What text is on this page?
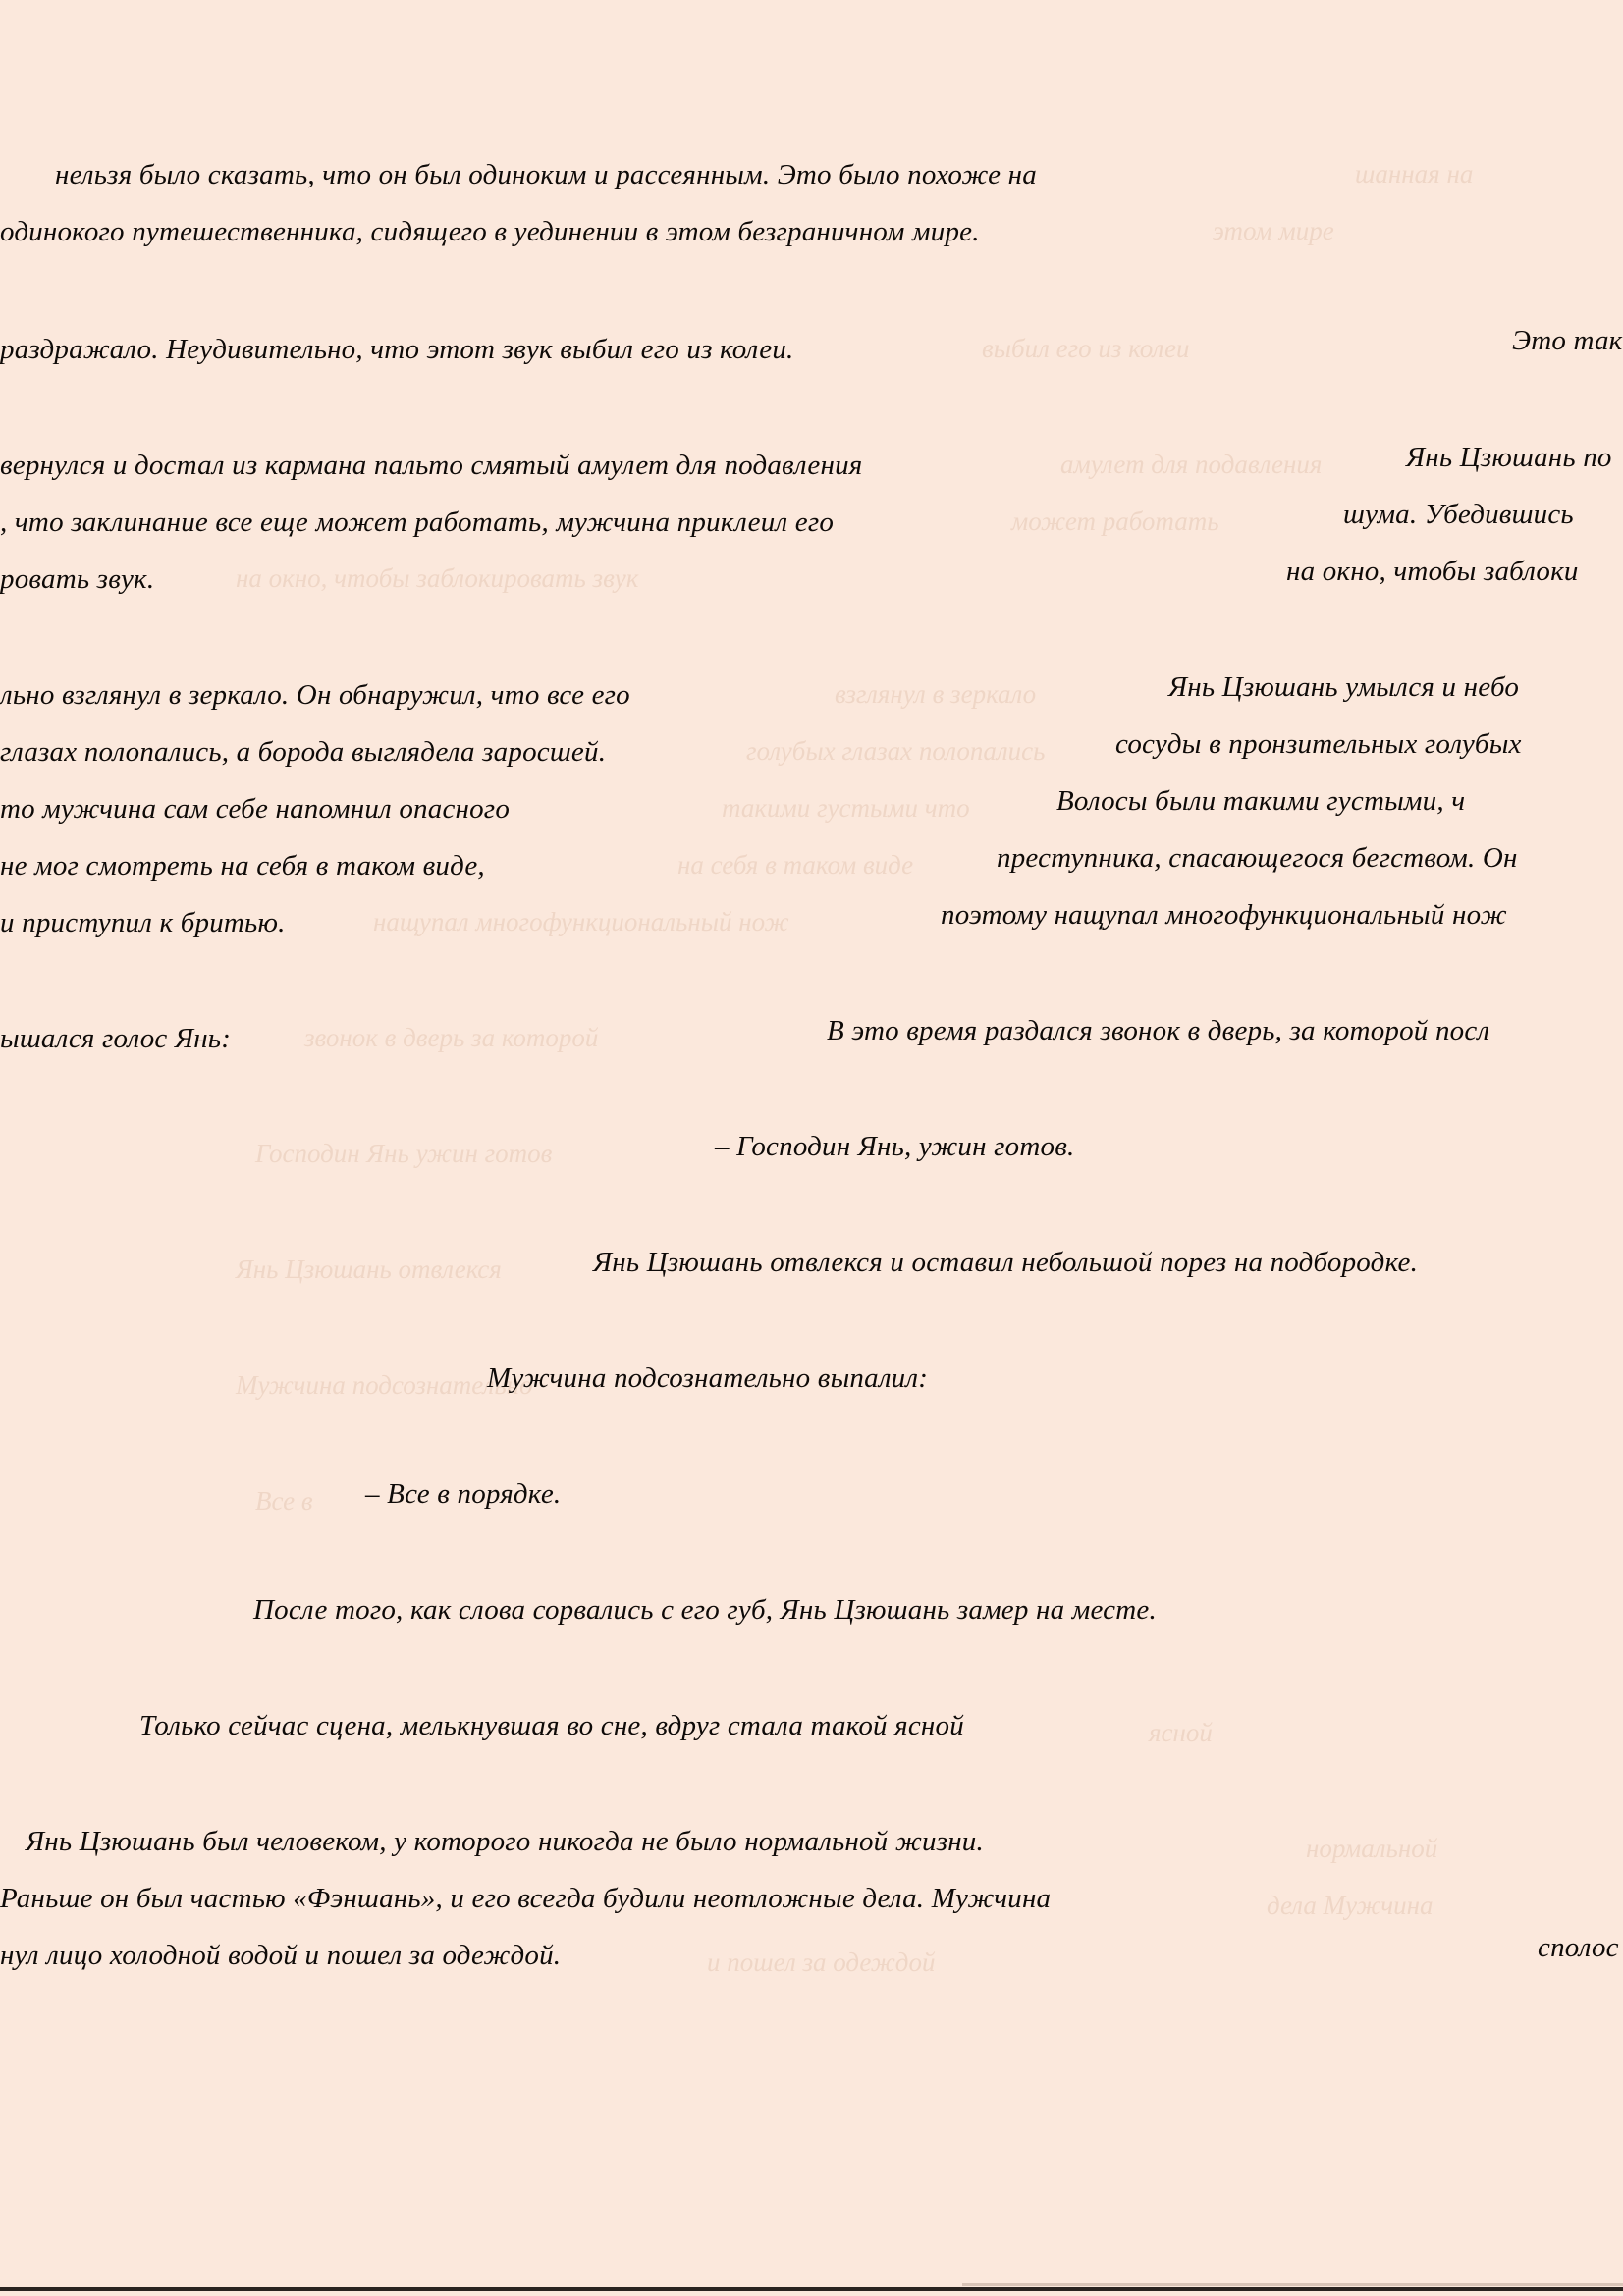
шанная на
этом мире
выбил его из колеи
амулет для подавления
может работать
на окно, чтобы заблокировать звук
взглянул в зеркало
голубых глазах полопались
такими густыми что
на себя в таком виде
нащупал многофункциональный нож
звонок в дверь за которой
Господин Янь ужин готов
Янь Цзюшань отвлекся
Мужчина подсознательно
Все в
ясной
нормальной
дела Мужчина
и пошел за одеждой
нельзя было сказать, что он был одиноким и рассеянным. Это было похоже на
одинокого путешественника, сидящего в уединении в этом безграничном мире.
Это так
раздражало. Неудивительно, что этот звук выбил его из колеи.
Янь Цзюшань по
вернулся и достал из кармана пальто смятый амулет для подавления
шума. Убедившись
, что заклинание все еще может работать, мужчина приклеил его
на окно, чтобы заблоки
ровать звук.
Янь Цзюшань умылся и небо
льно взглянул в зеркало. Он обнаружил, что все его
сосуды в пронзительных голубых
глазах полопались, а борода выглядела заросшей.
Волосы были такими густыми, ч
то мужчина сам себе напомнил опасного
преступника, спасающегося бегством. Он
не мог смотреть на себя в таком виде,
поэтому нащупал многофункциональный нож
и приступил к бритью.
В это время раздался звонок в дверь, за которой посл
ышался голос Янь:
– Господин Янь, ужин готов.
Янь Цзюшань отвлекся и оставил небольшой порез на подбородке.
Мужчина подсознательно выпалил:
– Все в порядке.
После того, как слова сорвались с его губ, Янь Цзюшань замер на месте.
Только сейчас сцена, мелькнувшая во сне, вдруг стала такой ясной
Янь Цзюшань был человеком, у которого никогда не было нормальной жизни.
Раньше он был частью «Фэншань», и его всегда будили неотложные дела. Мужчина
сполос
нул лицо холодной водой и пошел за одеждой.
